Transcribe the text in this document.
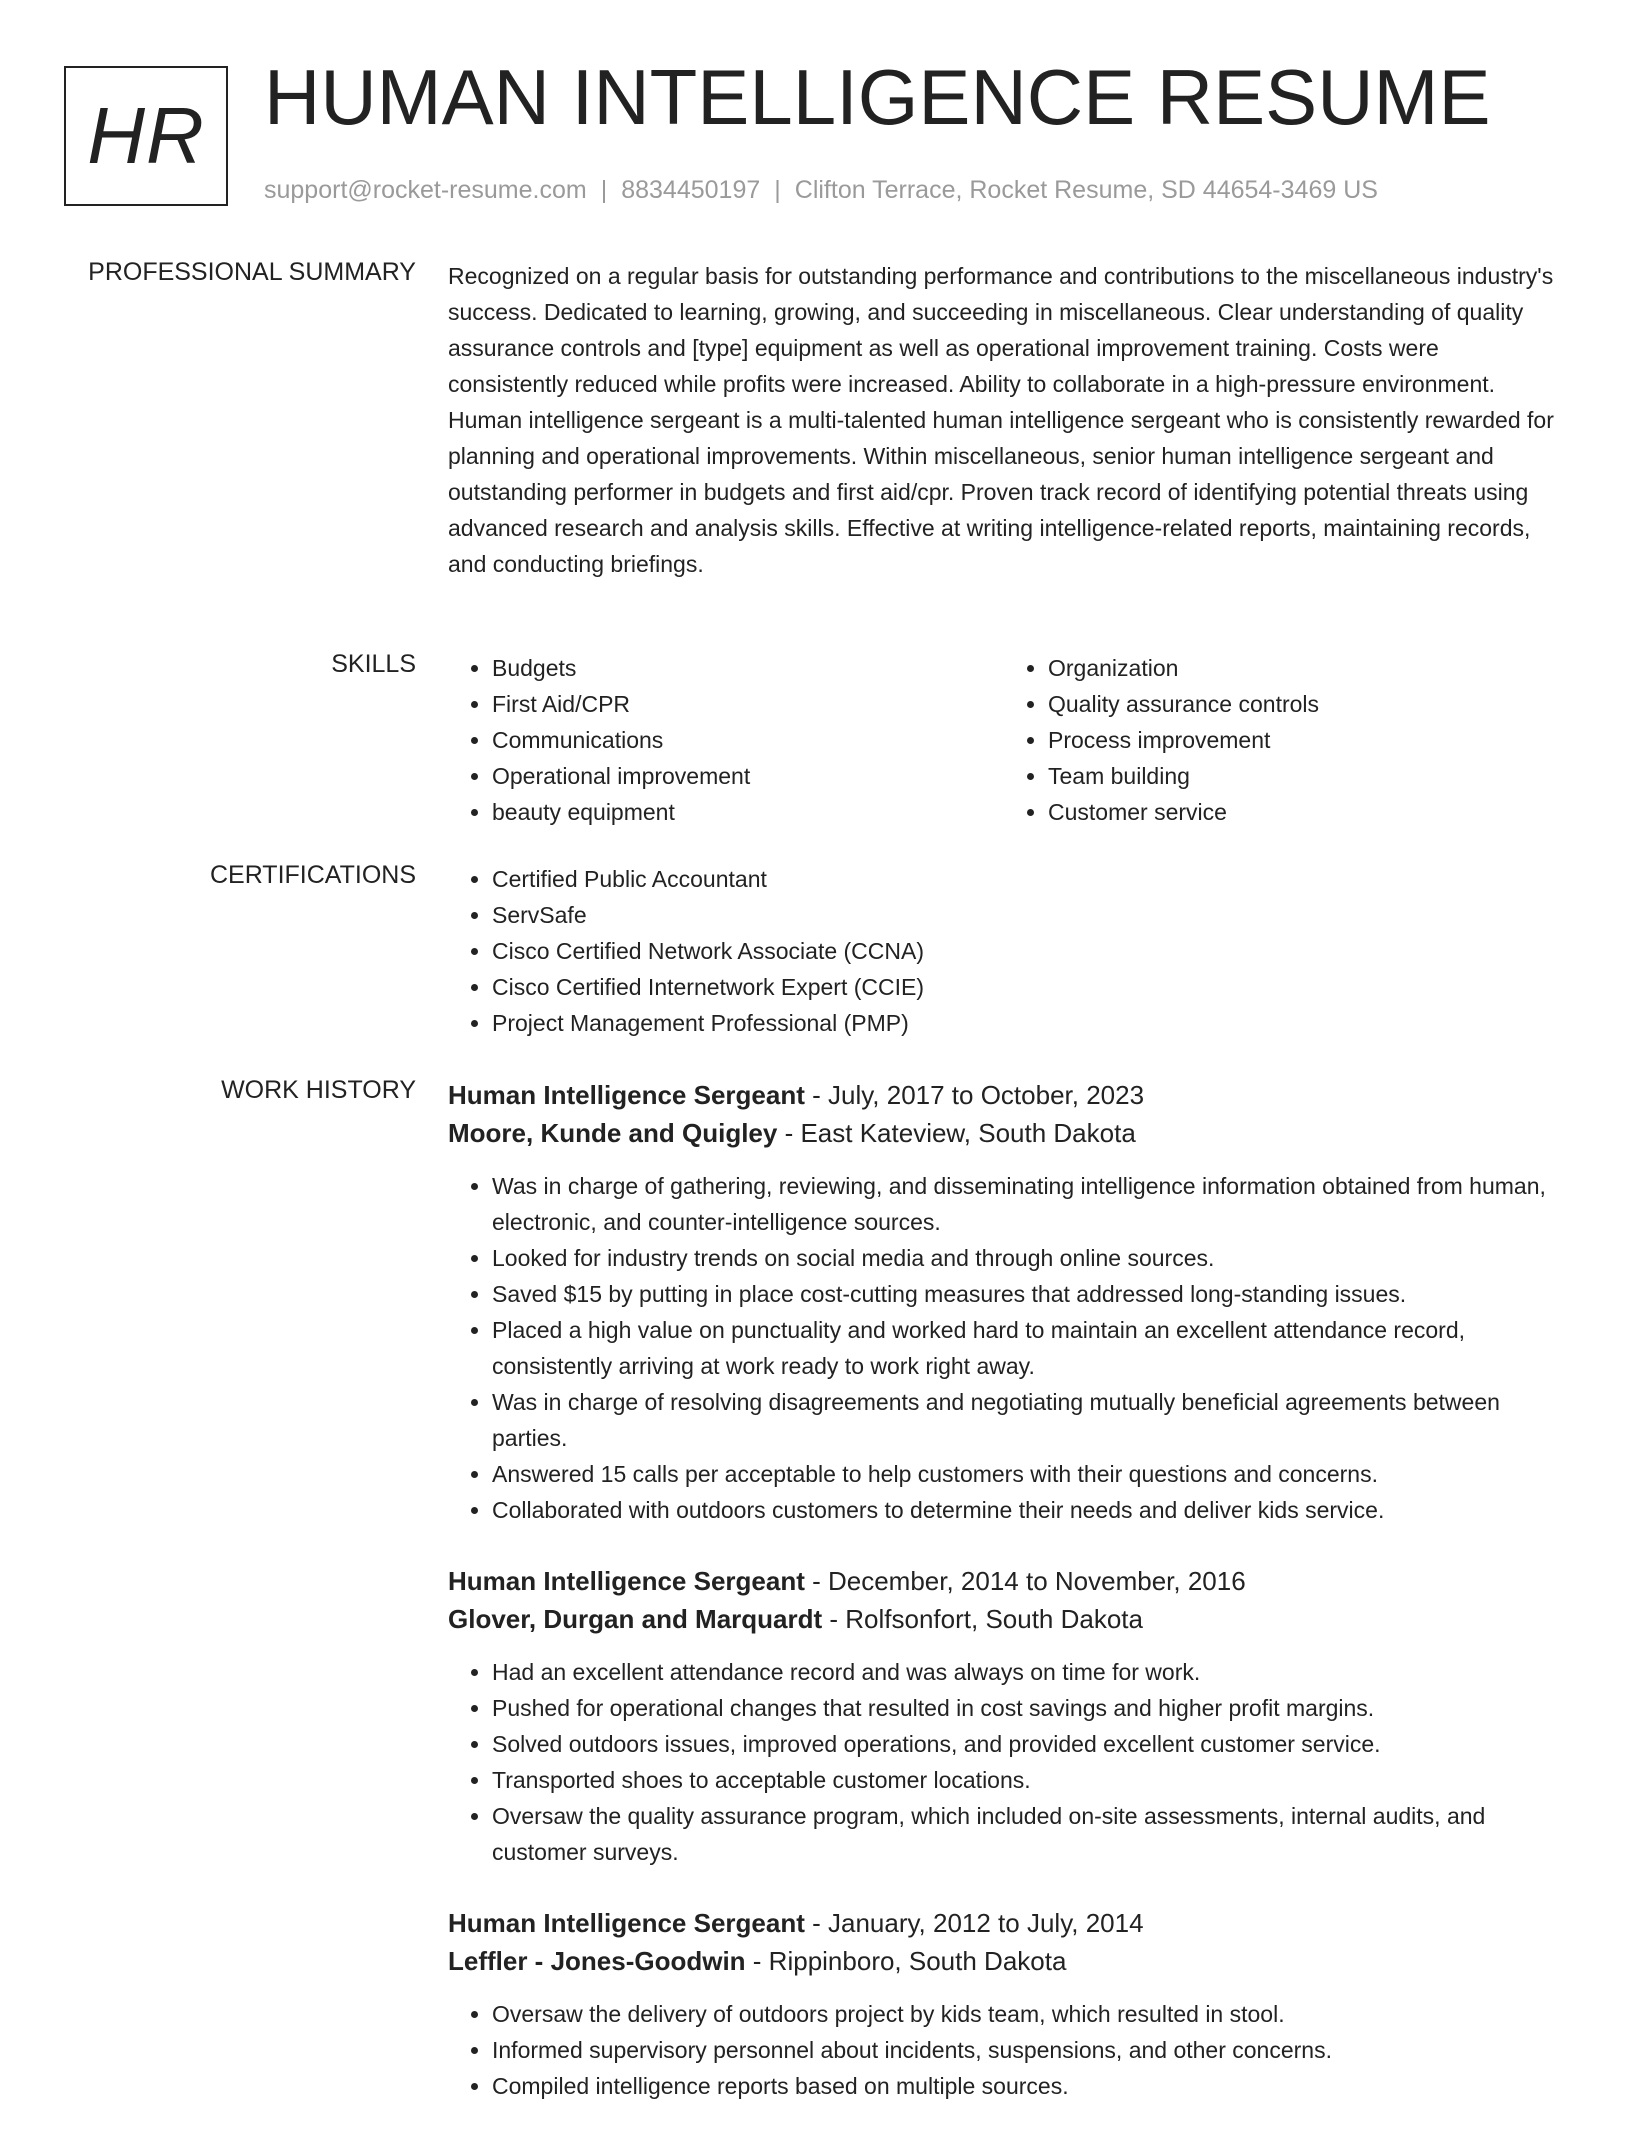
HR HUMAN INTELLIGENCE RESUME
support@rocket-resume.com | 8834450197 | Clifton Terrace, Rocket Resume, SD 44654-3469 US
PROFESSIONAL SUMMARY Recognized on a regular basis for outstanding performance and contributions to the miscellaneous industry's success. Dedicated to learning, growing, and succeeding in miscellaneous. Clear understanding of quality assurance controls and [type] equipment as well as operational improvement training. Costs were consistently reduced while profits were increased. Ability to collaborate in a high-pressure environment. Human intelligence sergeant is a multi-talented human intelligence sergeant who is consistently rewarded for planning and operational improvements. Within miscellaneous, senior human intelligence sergeant and outstanding performer in budgets and first aid/cpr. Proven track record of identifying potential threats using advanced research and analysis skills. Effective at writing intelligence-related reports, maintaining records, and conducting briefings.

SKILLS	• Budgets
• First Aid/CPR
• Communications
• Operational improvement
• beauty equipment
• Organization
• Quality assurance controls
• Process improvement
• Team building
• Customer service
CERTIFICATIONS	• Certified Public Accountant
• ServSafe
• Cisco Certified Network Associate (CCNA)
• Cisco Certified Internetwork Expert (CCIE)
• Project Management Professional (PMP)
WORK HISTORY Human Intelligence Sergeant - July, 2017 to October, 2023
Moore, Kunde and Quigley - East Kateview, South Dakota
• Was in charge of gathering, reviewing, and disseminating intelligence information obtained from human, electronic, and counter-intelligence sources.
• Looked for industry trends on social media and through online sources.
• Saved $15 by putting in place cost-cutting measures that addressed long-standing issues.
• Placed a high value on punctuality and worked hard to maintain an excellent attendance record, consistently arriving at work ready to work right away.
• Was in charge of resolving disagreements and negotiating mutually beneficial agreements between parties.
• Answered 15 calls per acceptable to help customers with their questions and concerns.
• Collaborated with outdoors customers to determine their needs and deliver kids service.
Human Intelligence Sergeant - December, 2014 to November, 2016
Glover, Durgan and Marquardt - Rolfsonfort, South Dakota
• Had an excellent attendance record and was always on time for work.
• Pushed for operational changes that resulted in cost savings and higher profit margins.
• Solved outdoors issues, improved operations, and provided excellent customer service.
• Transported shoes to acceptable customer locations.
• Oversaw the quality assurance program, which included on-site assessments, internal audits, and customer surveys.
Human Intelligence Sergeant - January, 2012 to July, 2014
Leffler - Jones-Goodwin - Rippinboro, South Dakota
• Oversaw the delivery of outdoors project by kids team, which resulted in stool.
• Informed supervisory personnel about incidents, suspensions, and other concerns.
• Compiled intelligence reports based on multiple sources.
